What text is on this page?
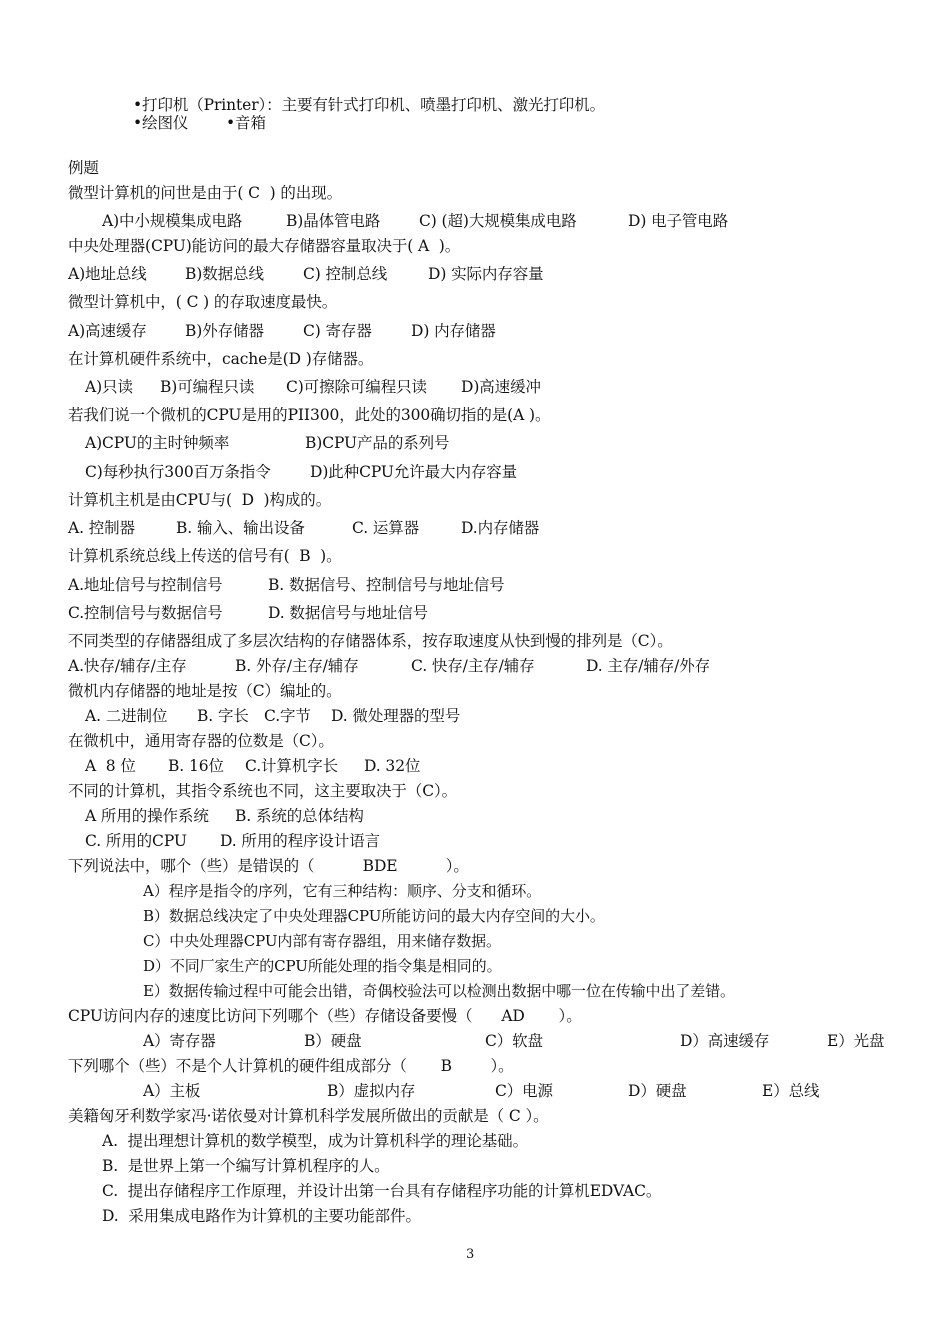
•打印机（Printer）：主要有针式打印机、喷墨打印机、激光打印机。
•绘图仪 •音箱
例题
微型计算机的问世是由于( C  ) 的出现。
A)中小规模集成电路	B)晶体管电路	C) (超)大规模集成电路	D) 电子管电路
中央处理器(CPU)能访问的最大存储器容量取决于( A  )。
A)地址总线 B)数据总线	C) 控制总线	D) 实际内存容量
微型计算机中，( C ) 的存取速度最快。
A)高速缓存 B)外存储器	C) 寄存器	D) 内存储器
在计算机硬件系统中，cache是(D )存储器。
A)只读 B)可编程只读 C)可擦除可编程只读 D)高速缓冲
若我们说一个微机的CPU是用的PII300，此处的300确切指的是(A )。
A)CPU的主时钟频率	B)CPU产品的系列号
C)每秒执行300百万条指令	D)此种CPU允许最大内存容量
计算机主机是由CPU与(  D  )构成的。
A. 控制器	B. 输入、输出设备	C. 运算器	D.内存储器
计算机系统总线上传送的信号有(  B  )。
A.地址信号与控制信号	B. 数据信号、控制信号与地址信号
C.控制信号与数据信号	D. 数据信号与地址信号
不同类型的存储器组成了多层次结构的存储器体系，按存取速度从快到慢的排列是（C）。
A.快存/辅存/主存	B. 外存/主存/辅存	C. 快存/主存/辅存	D. 主存/辅存/外存
微机内存储器的地址是按（C）编址的。
A. 二进制位 B. 字长 C.字节 D. 微处理器的型号
在微机中，通用寄存器的位数是（C）。
A  8 位 B. 16位 C.计算机字长 D. 32位
不同的计算机，其指令系统也不同，这主要取决于（C）。
A 所用的操作系统 B. 系统的总体结构
C. 所用的CPU D. 所用的程序设计语言
下列说法中，哪个（些）是错误的（          BDE          ）。
A）程序是指令的序列，它有三种结构：顺序、分支和循环。
B）数据总线决定了中央处理器CPU所能访问的最大内存空间的大小。
C）中央处理器CPU内部有寄存器组，用来储存数据。
D）不同厂家生产的CPU所能处理的指令集是相同的。
E）数据传输过程中可能会出错，奇偶校验法可以检测出数据中哪一位在传输中出了差错。
CPU访问内存的速度比访问下列哪个（些）存储设备要慢（      AD       ）。
A）寄存器	B）硬盘	C）软盘	D）高速缓存	E）光盘
下列哪个（些）不是个人计算机的硬件组成部分（       B        ）。
A）主板	B）虚拟内存	C）电源	D）硬盘	E）总线
美籍匈牙利数学家冯·诺依曼对计算机科学发展所做出的贡献是（ C ）。
A.  提出理想计算机的数学模型，成为计算机科学的理论基础。
B.  是世界上第一个编写计算机程序的人。
C.  提出存储程序工作原理，并设计出第一台具有存储程序功能的计算机EDVAC。
D.  采用集成电路作为计算机的主要功能部件。
3
